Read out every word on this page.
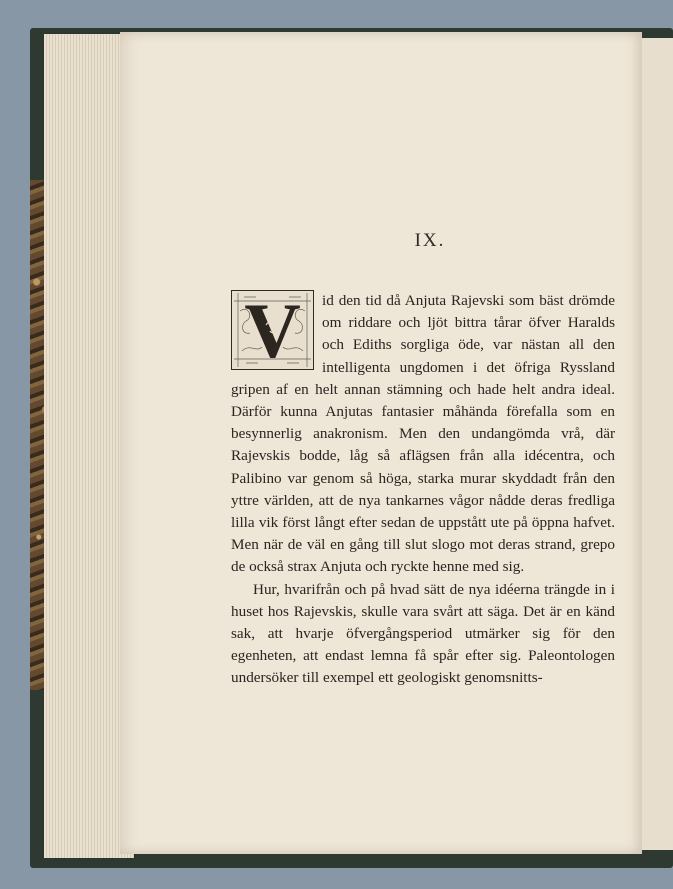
IX.

V id den tid då Anjuta Rajevski som bäst drömde om riddare och ljöt bittra tårar öfver Haralds och Ediths sorgliga öde, var nästan all den intelligenta ungdomen i det öfriga Ryssland gripen af en helt annan stämning och hade helt andra ideal. Därför kunna Anjutas fantasier måhända förefalla som en besynnerlig anakronism. Men den undangömda vrå, där Rajevskis bodde, låg så aflägsen från alla idécentra, och Palibino var genom så höga, starka murar skyddadt från den yttre världen, att de nya tankarnes vågor nådde deras fredliga lilla vik först långt efter sedan de uppstått ute på öppna hafvet. Men när de väl en gång till slut slogo mot deras strand, grepo de också strax Anjuta och ryckte henne med sig.

Hur, hvarifrån och på hvad sätt de nya idéerna trängde in i huset hos Rajevskis, skulle vara svårt att säga. Det är en känd sak, att hvarje öfvergångsperiod utmärker sig för den egenheten, att endast lemna få spår efter sig. Paleontologen undersöker till exempel ett geologiskt genomsnitts-
